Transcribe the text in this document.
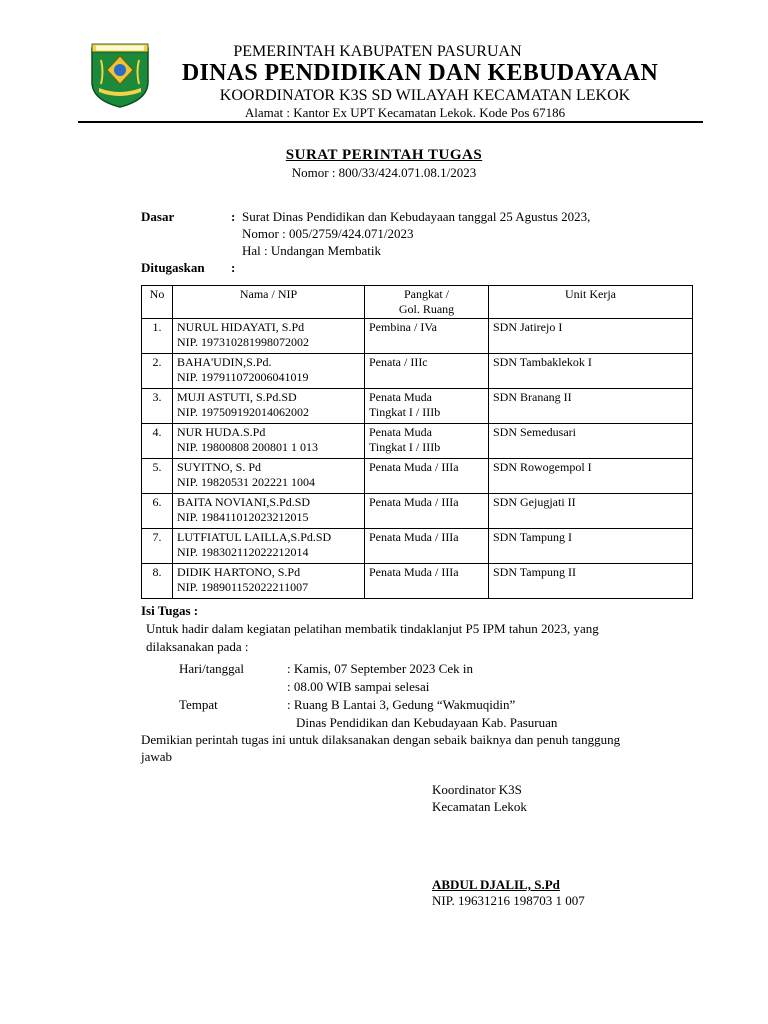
PEMERINTAH KABUPATEN PASURUAN
DINAS PENDIDIKAN DAN KEBUDAYAAN
KOORDINATOR K3S SD WILAYAH KECAMATAN LEKOK
Alamat : Kantor Ex UPT Kecamatan Lekok. Kode Pos 67186
SURAT PERINTAH TUGAS
Nomor : 800/33/424.071.08.1/2023
Dasar	: Surat Dinas Pendidikan dan Kebudayaan tanggal 25 Agustus 2023,
Nomor : 005/2759/424.071/2023
Hal : Undangan Membatik
Ditugaskan :
No	Nama / NIP	Pangkat /
Gol. Ruang	Unit Kerja
1.	NURUL HIDAYATI, S.Pd
NIP. 197310281998072002	Pembina / IVa	SDN Jatirejo I
2.	BAHA'UDIN,S.Pd.
NIP. 197911072006041019	Penata / IIIc	SDN Tambaklekok I
3.	MUJI ASTUTI, S.Pd.SD
NIP. 197509192014062002	Penata Muda
Tingkat I / IIIb	SDN Branang II
4.	NUR HUDA.S.Pd
NIP. 19800808 200801 1 013	Penata Muda
Tingkat I / IIIb	SDN Semedusari
5.	SUYITNO, S. Pd
NIP. 19820531 202221 1004	Penata Muda / IIIa	SDN Rowogempol I
6.	BAITA NOVIANI,S.Pd.SD
NIP. 198411012023212015	Penata Muda / IIIa	SDN Gejugjati II
7.	LUTFIATUL LAILLA,S.Pd.SD
NIP. 198302112022212014	Penata Muda / IIIa	SDN Tampung I
8.	DIDIK HARTONO, S.Pd
NIP. 198901152022211007	Penata Muda / IIIa	SDN Tampung II
Isi Tugas :
Untuk hadir dalam kegiatan pelatihan membatik tindaklanjut P5 IPM tahun 2023, yang
dilaksanakan pada :
Hari/tanggal	: Kamis, 07 September 2023 Cek in
: 08.00 WIB sampai selesai
Tempat	: Ruang B Lantai 3, Gedung “Wakmuqidin”
Dinas Pendidikan dan Kebudayaan Kab. Pasuruan
Demikian perintah tugas ini untuk dilaksanakan dengan sebaik baiknya dan penuh tanggung
jawab
Koordinator K3S
Kecamatan Lekok
ABDUL DJALIL, S.Pd
NIP. 19631216 198703 1 007
